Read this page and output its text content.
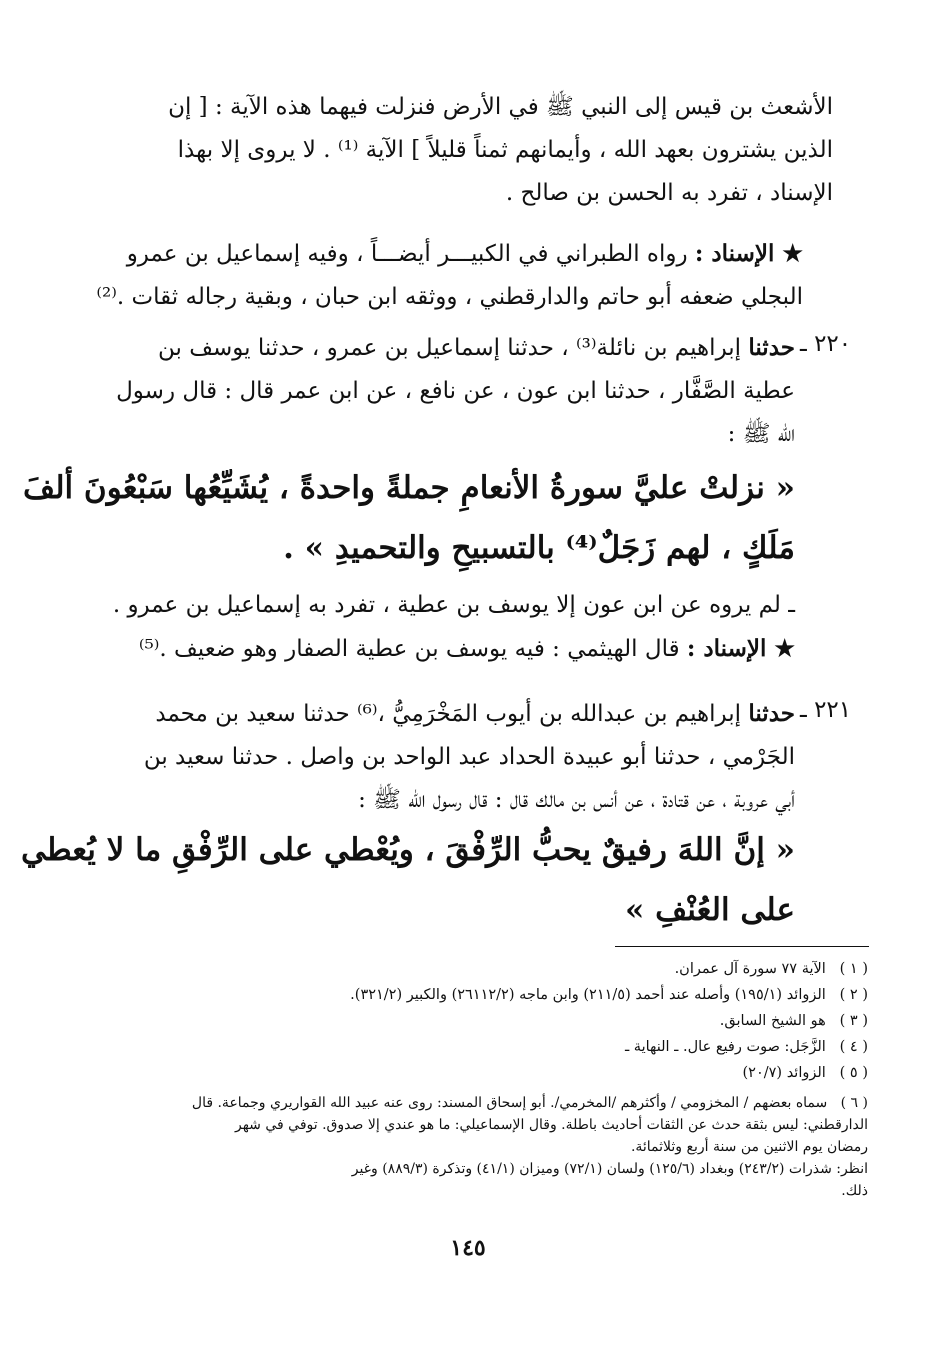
الأشعث بن قيس إلى النبي ﷺ في الأرض فنزلت فيهما هذه الآية : [ إن
الذين يشترون بعهد الله ، وأيمانهم ثمناً قليلاً ] الآية ⁽¹⁾ . لا يروى إلا بهذا
الإسناد ، تفرد به الحسن بن صالح .
★ الإسناد : رواه الطبراني في الكبيـــر أيضـــاً ، وفيه إسماعيل بن عمرو
البجلي ضعفه أبو حاتم والدارقطني ، ووثقه ابن حبان ، وبقية رجاله ثقات .⁽²⁾
٢٢٠ ـ
حدثنا إبراهيم بن نائلة⁽³⁾ ، حدثنا إسماعيل بن عمرو ، حدثنا يوسف بن
عطية الصَّفَّار ، حدثنا ابن عون ، عن نافع ، عن ابن عمر قال : قال رسول
الله ﷺ :
« نزلتْ عليَّ سورةُ الأنعامِ جملةً واحدةً ، يُشَيِّعُها سَبْعُونَ ألفَ
مَلَكٍ ، لهم زَجَلٌ⁽⁴⁾ بالتسبيحِ والتحميدِ » .
ـ لم يروه عن ابن عون إلا يوسف بن عطية ، تفرد به إسماعيل بن عمرو .
★ الإسناد : قال الهيثمي : فيه يوسف بن عطية الصفار وهو ضعيف .⁽⁵⁾
٢٢١ ـ
حدثنا إبراهيم بن عبدالله بن أيوب المَخْرَمِيُّ ،⁽⁶⁾ حدثنا سعيد بن محمد
الجَرْمي ، حدثنا أبو عبيدة الحداد عبد الواحد بن واصل . حدثنا سعيد بن
أبي عروبة ، عن قتادة ، عن أنس بن مالك قال : قال رسول الله ﷺ :
« إنَّ اللهَ رفيقٌ يحبُّ الرِّفْقَ ، ويُعْطي على الرِّفْقِ ما لا يُعطي
على العُنْفِ »
( ١ )   الآية ٧٧ سورة آل عمران.
( ٢ )   الزوائد (١٩٥/١) وأصله عند أحمد (٢١١/٥) وابن ماجه (٢٦١١٢/٢) والكبير (٣٢١/٢).
( ٣ )   هو الشيخ السابق.
( ٤ )   الزَّجَل: صوت رفيع عال. ـ النهاية ـ
( ٥ )   الزوائد (٢٠/٧)
( ٦ )   سماه بعضهم / المخزومي / وأكثرهم /المخرمي/. أبو إسحاق المسند: روى عنه عبيد الله القواريري وجماعة. قال
الدارقطني: ليس بثقة حدث عن الثقات أحاديث باطلة. وقال الإسماعيلي: ما هو عندي إلا صدوق. توفي في شهر
رمضان يوم الاثنين من سنة أربع وثلاثمائة.
انظر: شذرات (٢٤٣/٢) وبغداد (١٢٥/٦) ولسان (٧٢/١) وميزان (٤١/١) وتذكرة (٨٨٩/٣) وغير
ذلك.
١٤٥
